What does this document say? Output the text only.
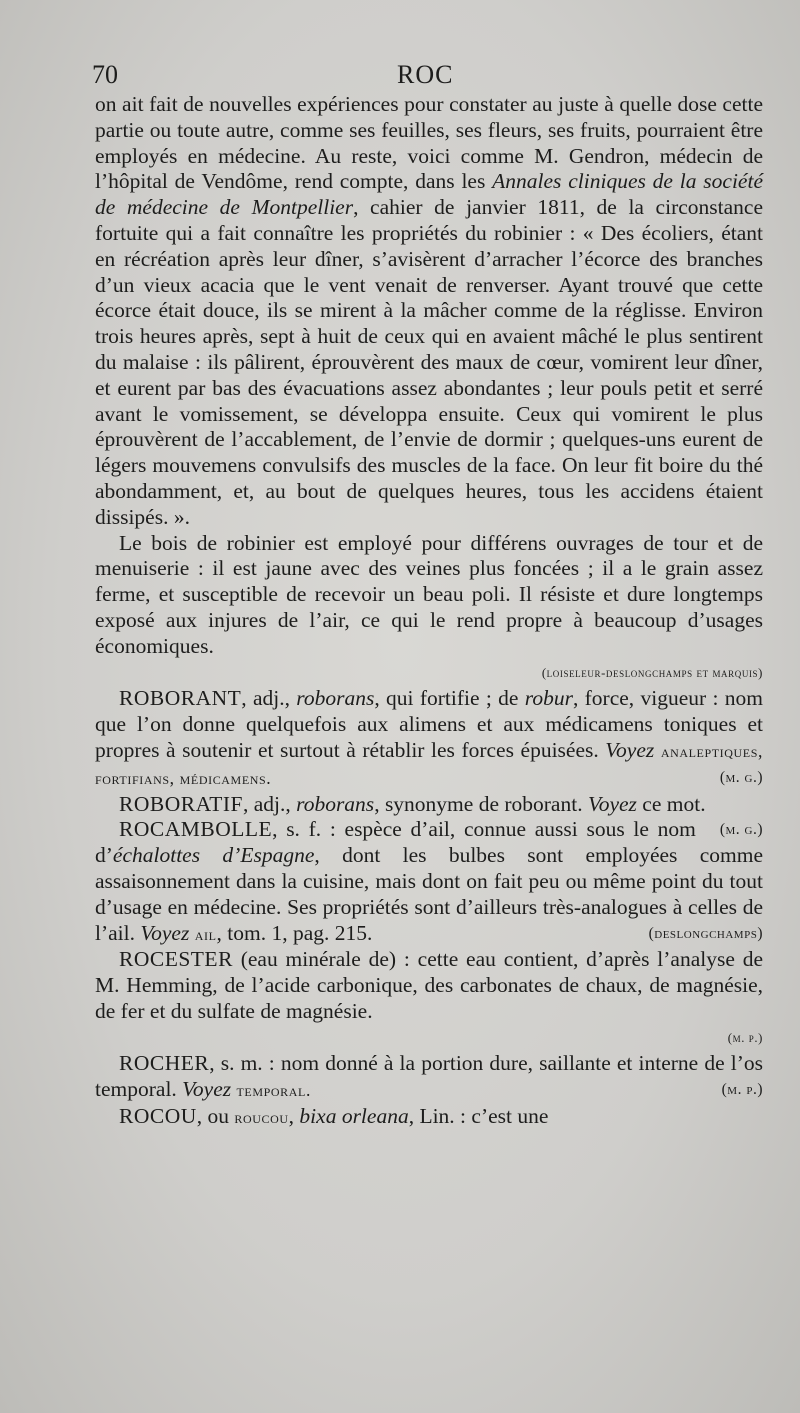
70	ROC

on ait fait de nouvelles expériences pour constater au juste à quelle dose cette partie ou toute autre, comme ses feuilles, ses fleurs, ses fruits, pourraient être employés en médecine. Au reste, voici comme M. Gendron, médecin de l’hôpital de Vendôme, rend compte, dans les Annales cliniques de la société de médecine de Montpellier, cahier de janvier 1811, de la circonstance fortuite qui a fait connaître les propriétés du robinier : « Des écoliers, étant en récréation après leur dîner, s’avisèrent d’arracher l’écorce des branches d’un vieux acacia que le vent venait de renverser. Ayant trouvé que cette écorce était douce, ils se mirent à la mâcher comme de la réglisse. Environ trois heures après, sept à huit de ceux qui en avaient mâché le plus sentirent du malaise : ils pâlirent, éprouvèrent des maux de cœur, vomirent leur dîner, et eurent par bas des évacuations assez abondantes ; leur pouls petit et serré avant le vomissement, se développa ensuite. Ceux qui vomirent le plus éprouvèrent de l’accablement, de l’envie de dormir ; quelques-uns eurent de légers mouvemens convulsifs des muscles de la face. On leur fit boire du thé abondamment, et, au bout de quelques heures, tous les accidens étaient dissipés. ».

Le bois de robinier est employé pour différens ouvrages de tour et de menuiserie : il est jaune avec des veines plus foncées ; il a le grain assez ferme, et susceptible de recevoir un beau poli. Il résiste et dure longtemps exposé aux injures de l’air, ce qui le rend propre à beaucoup d’usages économiques.

(loiseleur-deslongchamps et marquis)

ROBORANT, adj., roborans, qui fortifie ; de robur, force, vigueur : nom que l’on donne quelquefois aux alimens et aux médicamens toniques et propres à soutenir et surtout à rétablir les forces épuisées. Voyez analeptiques, fortifians, médicamens.	(m. g.)

ROBORATIF, adj., roborans, synonyme de roborant. Voyez ce mot.
(m. g.)

ROCAMBOLLE, s. f. : espèce d’ail, connue aussi sous le nom d’échalottes d’Espagne, dont les bulbes sont employées comme assaisonnement dans la cuisine, mais dont on fait peu ou même point du tout d’usage en médecine. Ses propriétés sont d’ailleurs très-analogues à celles de l’ail. Voyez ail, tom. 1, pag. 215.	(deslongchamps)

ROCESTER (eau minérale de) : cette eau contient, d’après l’analyse de M. Hemming, de l’acide carbonique, des carbonates de chaux, de magnésie, de fer et du sulfate de magnésie.

(m. p.)

ROCHER, s. m. : nom donné à la portion dure, saillante et interne de l’os temporal. Voyez temporal.	(m. p.)

ROCOU, ou roucou, bixa orleana, Lin. : c’est une
